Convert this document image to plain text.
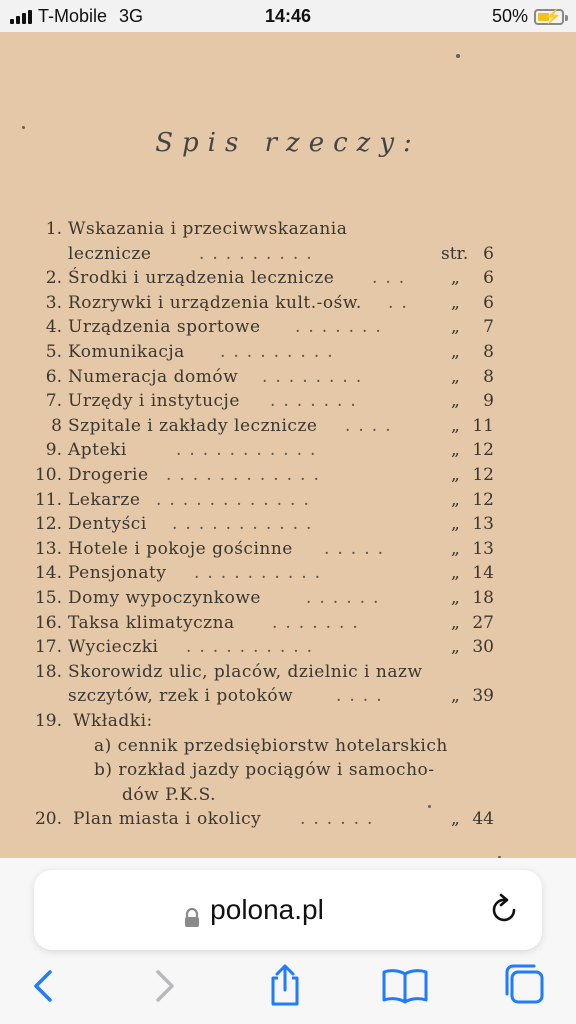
T-Mobile 3G	14:46	50% ⚡
Spis rzeczy:
1. Wskazania i przeciwwskazania
lecznicze	.........	str. 6
2. Środki i urządzenia lecznicze ... „ 6
3. Rozrywki i urządzenia kult.-ośw. .. „ 6
4. Urządzenia sportowe .......	„ 7
5. Komunikacja .........	„ 8
6. Numeracja domów ........	„ 8
7. Urzędy i instytucje .......	„ 9
8 Szpitale i zakłady lecznicze ....	„ 11
9. Apteki	...........	„ 12
10. Drogerie ............	„ 12
11. Lekarze ............	„ 12
12. Dentyści ...........	„ 13
13. Hotele i pokoje gościnne .....	„ 13
14. Pensjonaty ..........	„ 14
15. Domy wypoczynkowe	......	„ 18
16. Taksa klimatyczna .......	„ 27
17. Wycieczki ..........	„ 30
18. Skorowidz ulic, placów, dzielnic i nazw
szczytów, rzek i potoków	....	„ 39
19. Wkładki:
a) cennik przedsiębiorstw hotelarskich
b) rozkład jazdy pociągów i samocho-
dów P.K.S.
20. Plan miasta i okolicy ......	„ 44
polona.pl
